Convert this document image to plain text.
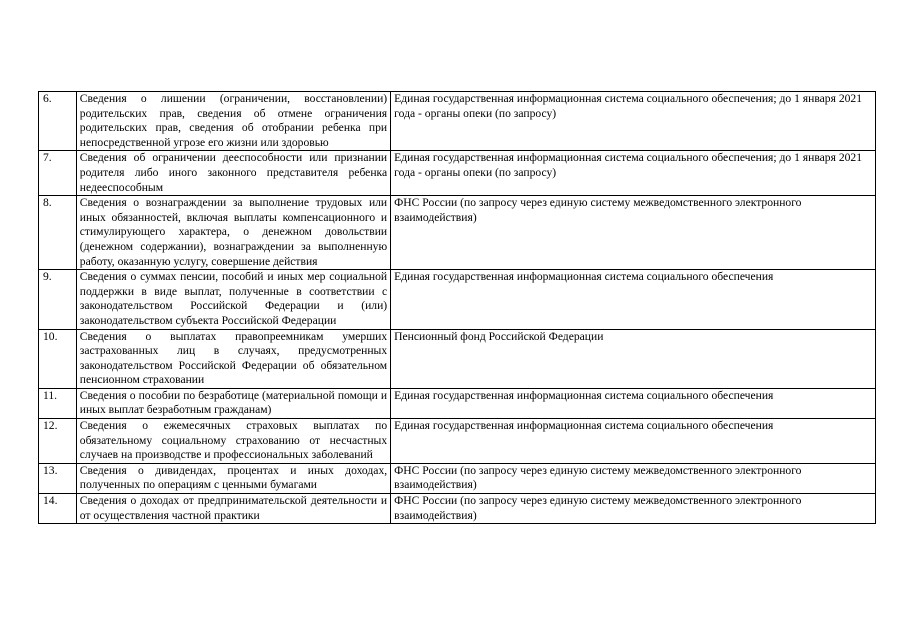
6.	Сведения о лишении (ограничении, восстановлении) родительских прав, сведения об отмене ограничения родительских прав, сведения об отобрании ребенка при непосредственной угрозе его жизни или здоровью	Единая государственная информационная система социального обеспечения; до 1 января 2021 года - органы опеки (по запросу)
7.	Сведения об ограничении дееспособности или признании родителя либо иного законного представителя ребенка недееспособным	Единая государственная информационная система социального обеспечения; до 1 января 2021 года - органы опеки (по запросу)
8.	Сведения о вознаграждении за выполнение трудовых или иных обязанностей, включая выплаты компенсационного и стимулирующего характера, о денежном довольствии (денежном содержании), вознаграждении за выполненную работу, оказанную услугу, совершение действия	ФНС России (по запросу через единую систему межведомственного электронного взаимодействия)
9.	Сведения о суммах пенсии, пособий и иных мер социальной поддержки в виде выплат, полученные в соответствии с законодательством Российской Федерации и (или) законодательством субъекта Российской Федерации	Единая государственная информационная система социального обеспечения
10.	Сведения о выплатах правопреемникам умерших застрахованных лиц в случаях, предусмотренных законодательством Российской Федерации об обязательном пенсионном страховании	Пенсионный фонд Российской Федерации
11.	Сведения о пособии по безработице (материальной помощи и иных выплат безработным гражданам)	Единая государственная информационная система социального обеспечения
12.	Сведения о ежемесячных страховых выплатах по обязательному социальному страхованию от несчастных случаев на производстве и профессиональных заболеваний	Единая государственная информационная система социального обеспечения
13.	Сведения о дивидендах, процентах и иных доходах, полученных по операциям с ценными бумагами	ФНС России (по запросу через единую систему межведомственного электронного взаимодействия)
14.	Сведения о доходах от предпринимательской деятельности и от осуществления частной практики	ФНС России (по запросу через единую систему межведомственного электронного взаимодействия)
